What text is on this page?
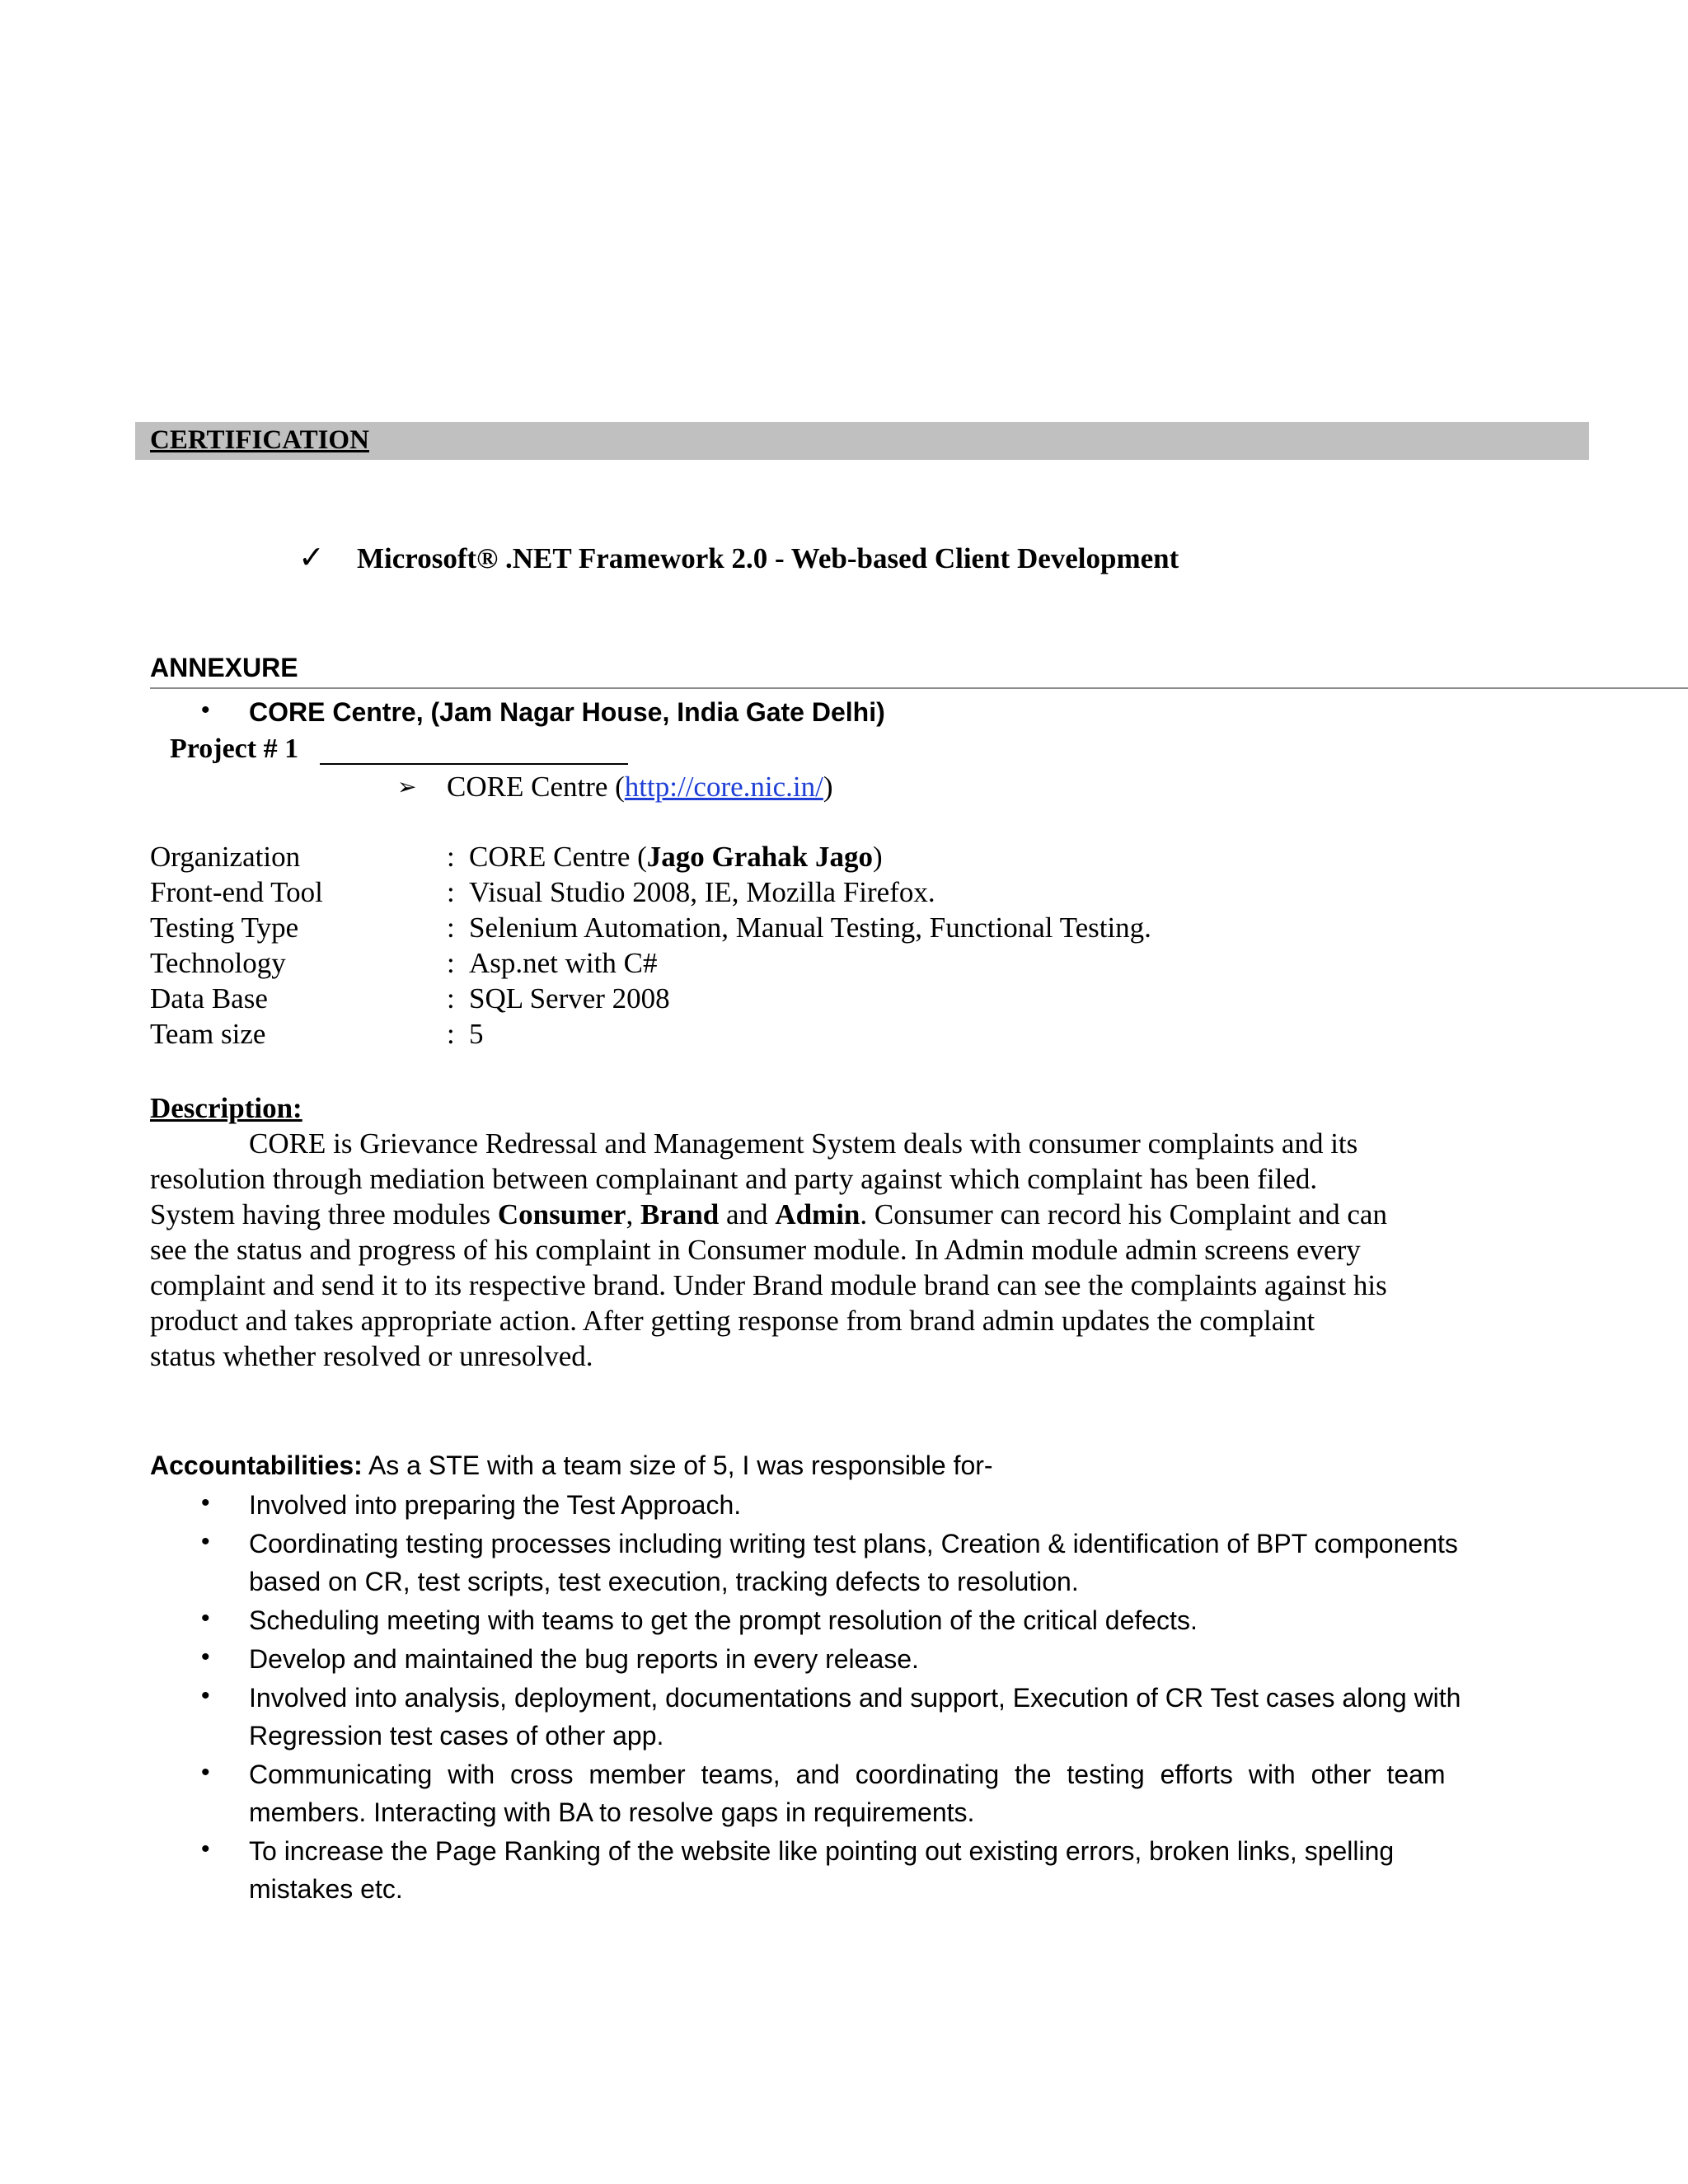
CERTIFICATION
✓ Microsoft® .NET Framework 2.0 - Web-based Client Development
ANNEXURE
• CORE Centre, (Jam Nagar House, India Gate Delhi)
Project # 1
➢ CORE Centre (http://core.nic.in/)
Organization	: CORE Centre (Jago Grahak Jago)
Front-end Tool	: Visual Studio 2008, IE, Mozilla Firefox.
Testing Type	: Selenium Automation, Manual Testing, Functional Testing.
Technology	: Asp.net with C#
Data Base	: SQL Server 2008
Team size	: 5
Description:
CORE is Grievance Redressal and Management System deals with consumer complaints and its
resolution through mediation between complainant and party against which complaint has been filed.
System having three modules Consumer, Brand and Admin. Consumer can record his Complaint and can
see the status and progress of his complaint in Consumer module. In Admin module admin screens every
complaint and send it to its respective brand. Under Brand module brand can see the complaints against his
product and takes appropriate action. After getting response from brand admin updates the complaint
status whether resolved or unresolved.
Accountabilities: As a STE with a team size of 5, I was responsible for-
• Involved into preparing the Test Approach.
• Coordinating testing processes including writing test plans, Creation & identification of BPT components
based on CR, test scripts, test execution, tracking defects to resolution.
• Scheduling meeting with teams to get the prompt resolution of the critical defects.
• Develop and maintained the bug reports in every release.
• Involved into analysis, deployment, documentations and support, Execution of CR Test cases along with
Regression test cases of other app.
• Communicating with cross member teams, and coordinating the testing efforts with other team
members. Interacting with BA to resolve gaps in requirements.
• To increase the Page Ranking of the website like pointing out existing errors, broken links, spelling
mistakes etc.
